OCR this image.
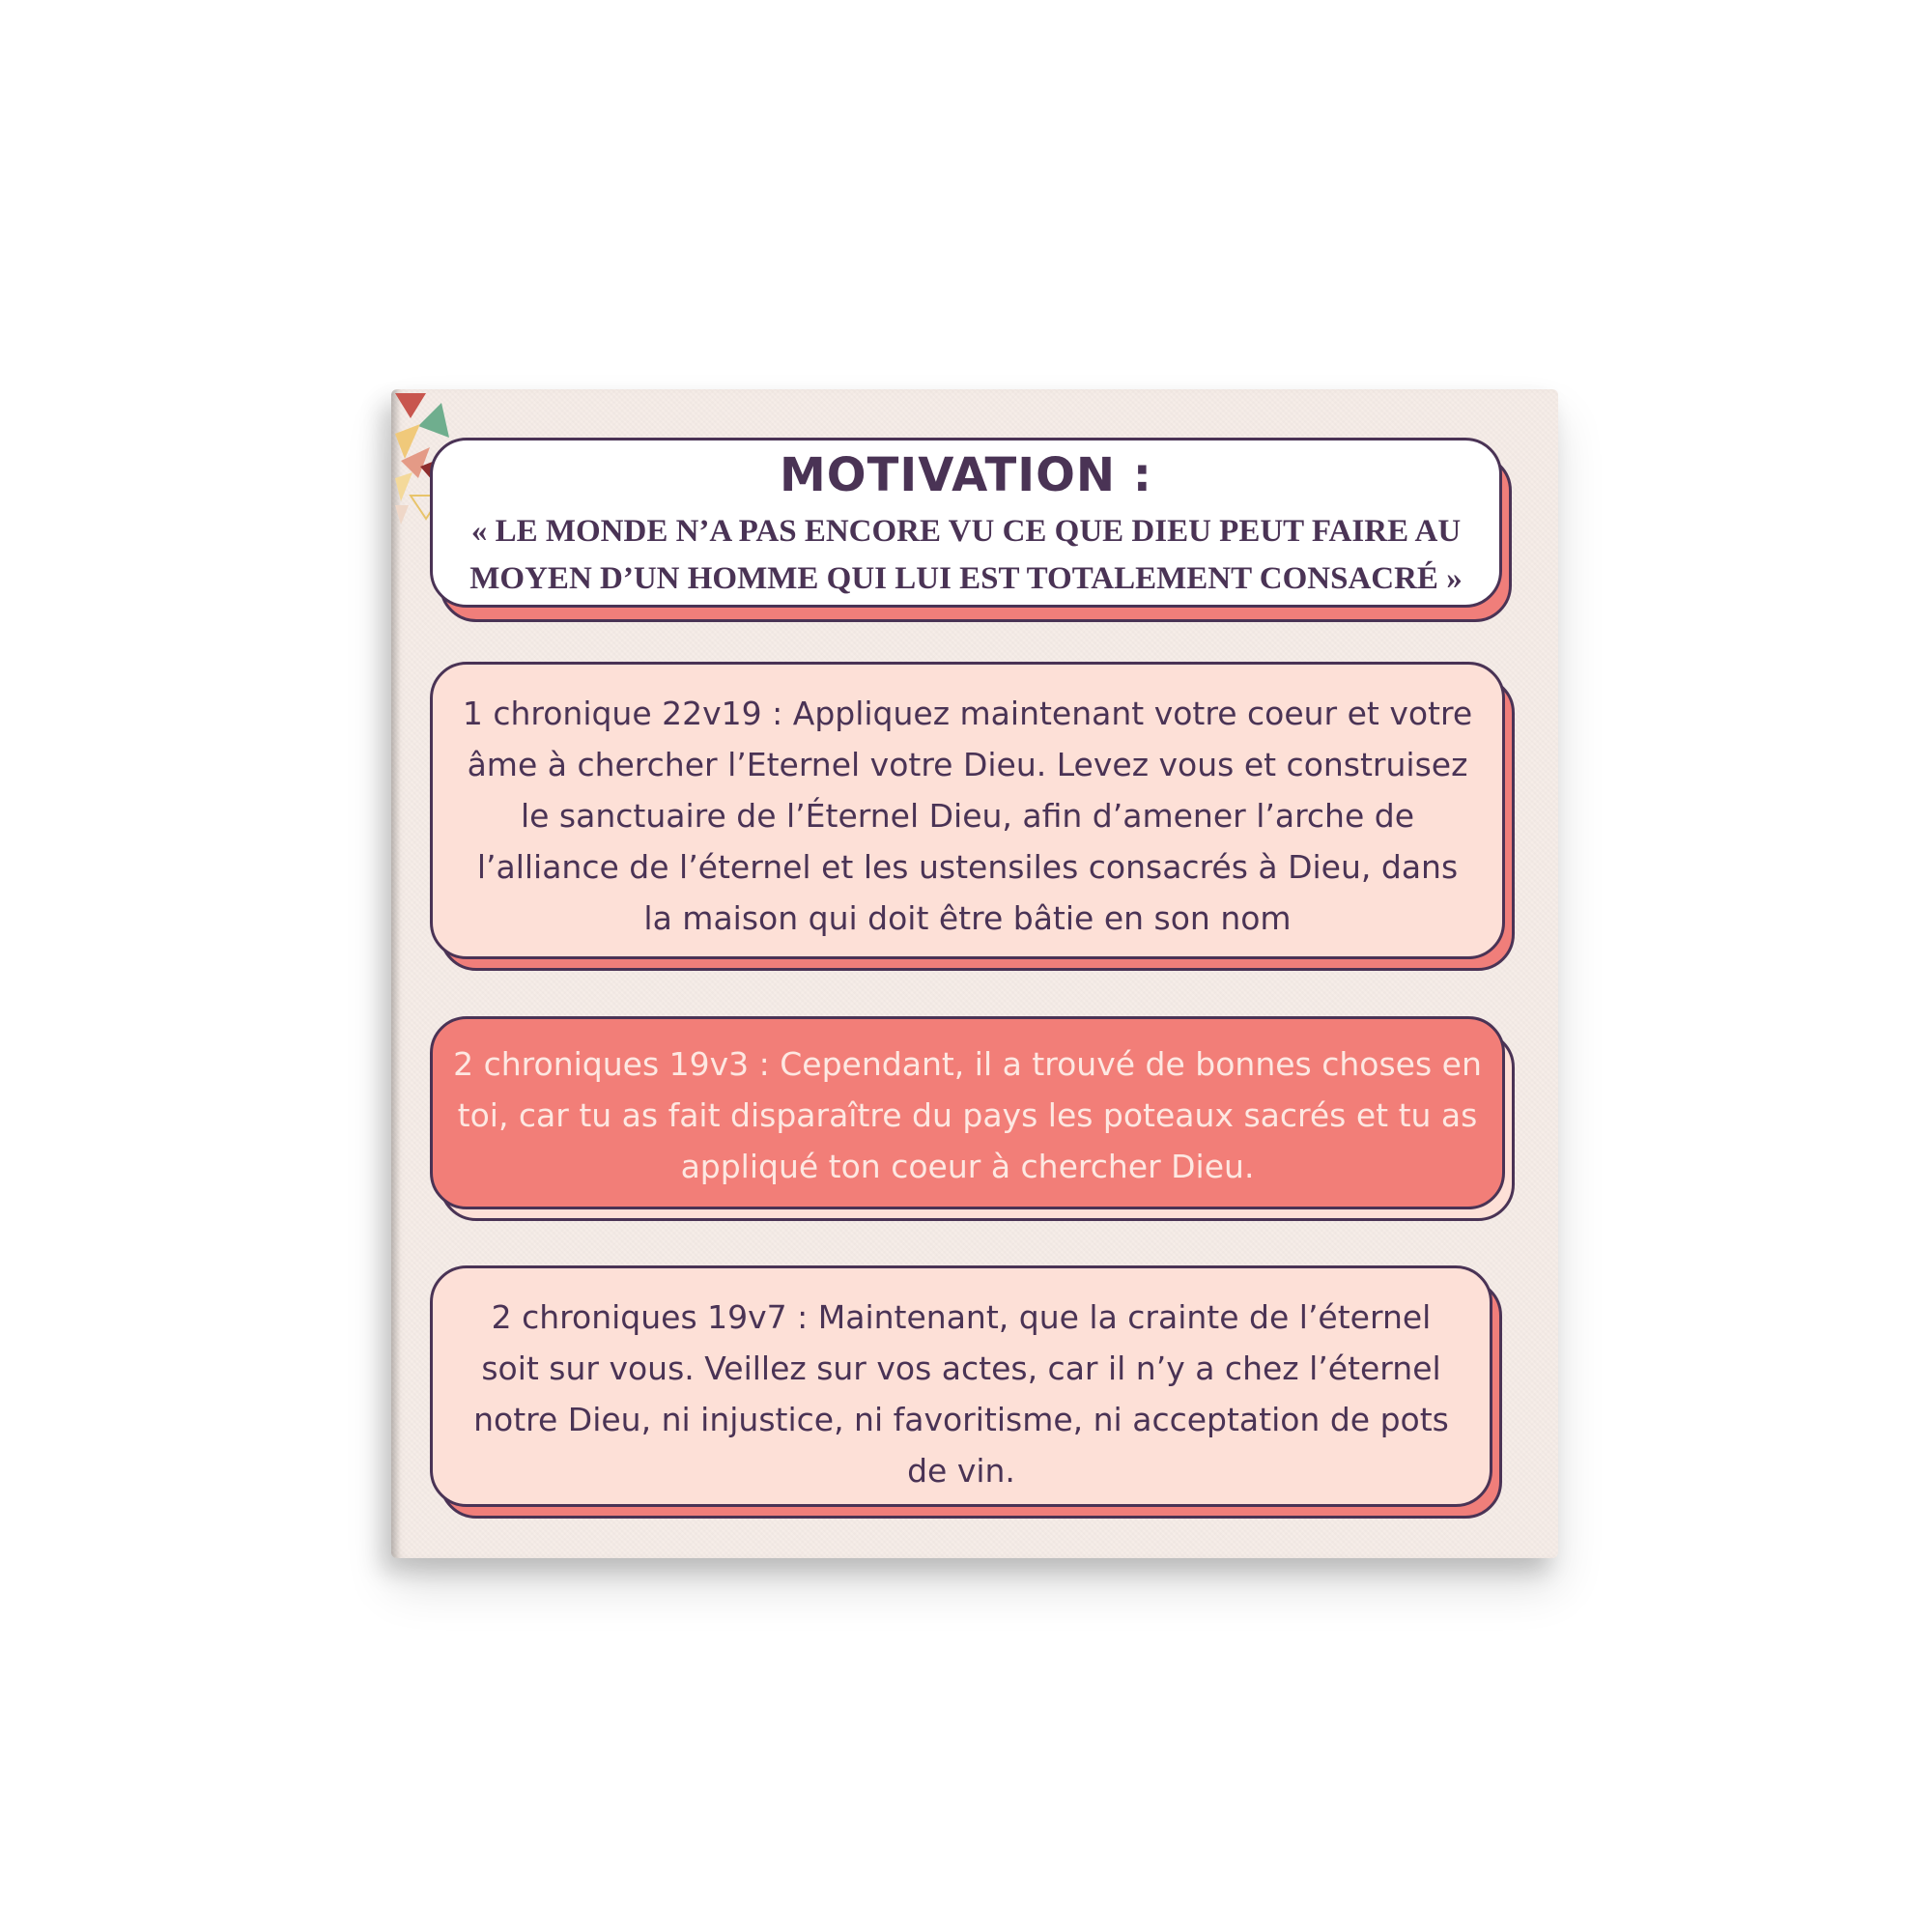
MOTIVATION :

« LE MONDE N’A PAS ENCORE VU CE QUE DIEU PEUT FAIRE AU MOYEN D’UN HOMME QUI LUI EST TOTALEMENT CONSACRÉ »

1 chronique 22v19 : Appliquez maintenant votre coeur et votre âme à chercher l’Eternel votre Dieu. Levez vous et construisez le sanctuaire de l’Éternel Dieu, afin d’amener l’arche de l’alliance de l’éternel et les ustensiles consacrés à Dieu, dans la maison qui doit être bâtie en son nom

2 chroniques 19v3 : Cependant, il a trouvé de bonnes choses en toi, car tu as fait disparaître du pays les poteaux sacrés et tu as appliqué ton coeur à chercher Dieu.

2 chroniques 19v7 : Maintenant, que la crainte de l’éternel soit sur vous. Veillez sur vos actes, car il n’y a chez l’éternel notre Dieu, ni injustice, ni favoritisme, ni acceptation de pots de vin.
